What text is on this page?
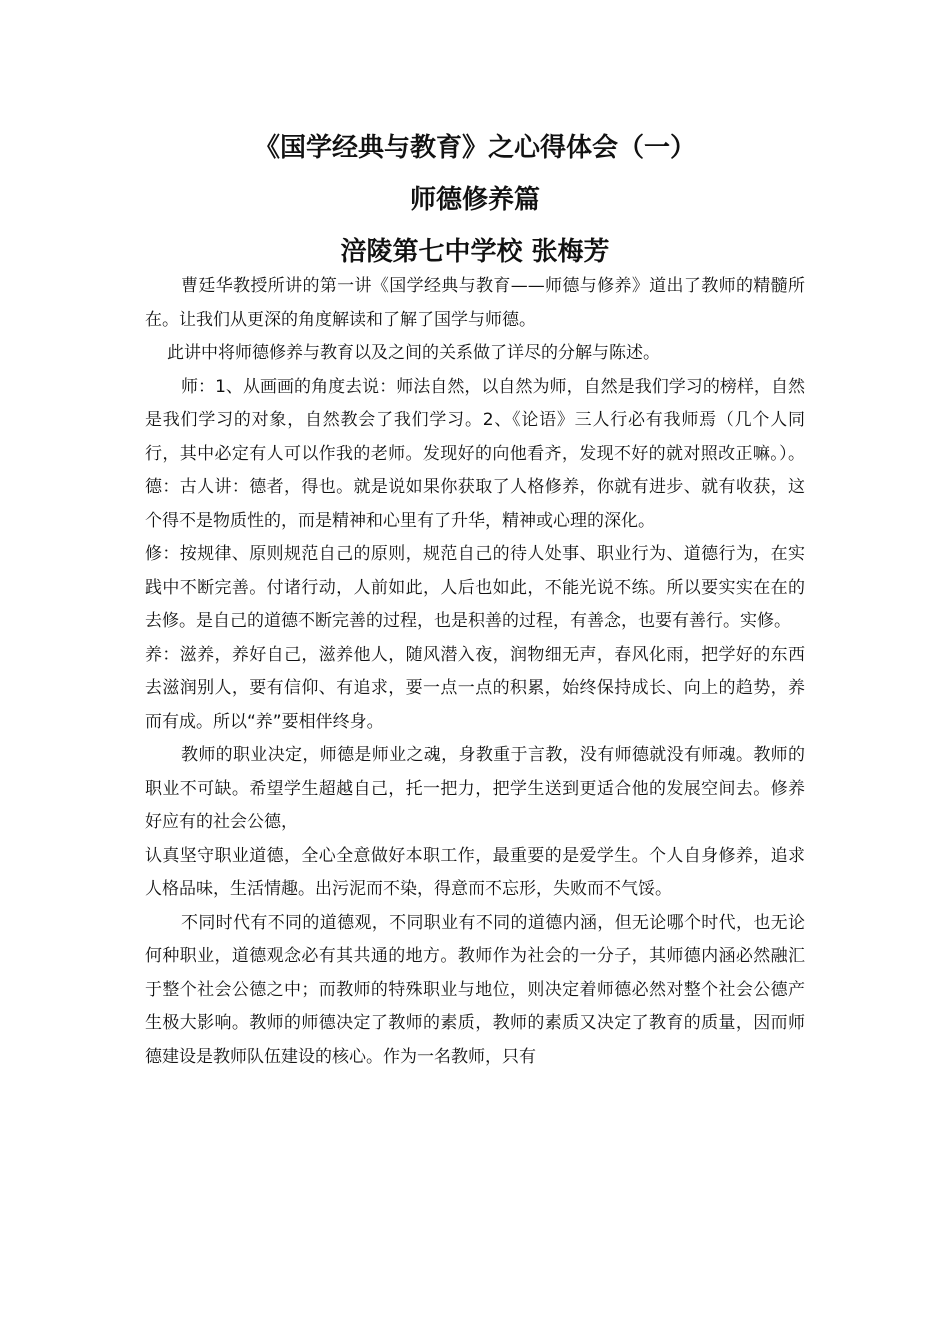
《国学经典与教育》之心得体会（一）
师德修养篇
涪陵第七中学校 张梅芳

曹廷华教授所讲的第一讲《国学经典与教育——师德与修养》道出了教师的精髓所在。让我们从更深的角度解读和了解了国学与师德。

此讲中将师德修养与教育以及之间的关系做了详尽的分解与陈述。

师：1、从画画的角度去说：师法自然，以自然为师，自然是我们学习的榜样，自然是我们学习的对象，自然教会了我们学习。2、《论语》三人行必有我师焉（几个人同行，其中必定有人可以作我的老师。发现好的向他看齐，发现不好的就对照改正嘛。）。德：古人讲：德者，得也。就是说如果你获取了人格修养，你就有进步、就有收获，这个得不是物质性的，而是精神和心里有了升华，精神或心理的深化。

修：按规律、原则规范自己的原则，规范自己的待人处事、职业行为、道德行为，在实践中不断完善。付诸行动，人前如此，人后也如此，不能光说不练。所以要实实在在的去修。是自己的道德不断完善的过程，也是积善的过程，有善念，也要有善行。实修。

养：滋养，养好自己，滋养他人，随风潜入夜，润物细无声，春风化雨，把学好的东西去滋润别人，要有信仰、有追求，要一点一点的积累，始终保持成长、向上的趋势，养而有成。所以“养”要相伴终身。

教师的职业决定，师德是师业之魂，身教重于言教，没有师德就没有师魂。教师的职业不可缺。希望学生超越自己，托一把力，把学生送到更适合他的发展空间去。修养好应有的社会公德，

认真坚守职业道德，全心全意做好本职工作，最重要的是爱学生。个人自身修养，追求人格品味，生活情趣。出污泥而不染，得意而不忘形，失败而不气馁。

不同时代有不同的道德观，不同职业有不同的道德内涵，但无论哪个时代，也无论何种职业，道德观念必有其共通的地方。教师作为社会的一分子，其师德内涵必然融汇于整个社会公德之中；而教师的特殊职业与地位，则决定着师德必然对整个社会公德产生极大影响。教师的师德决定了教师的素质，教师的素质又决定了教育的质量，因而师德建设是教师队伍建设的核心。作为一名教师，只有
